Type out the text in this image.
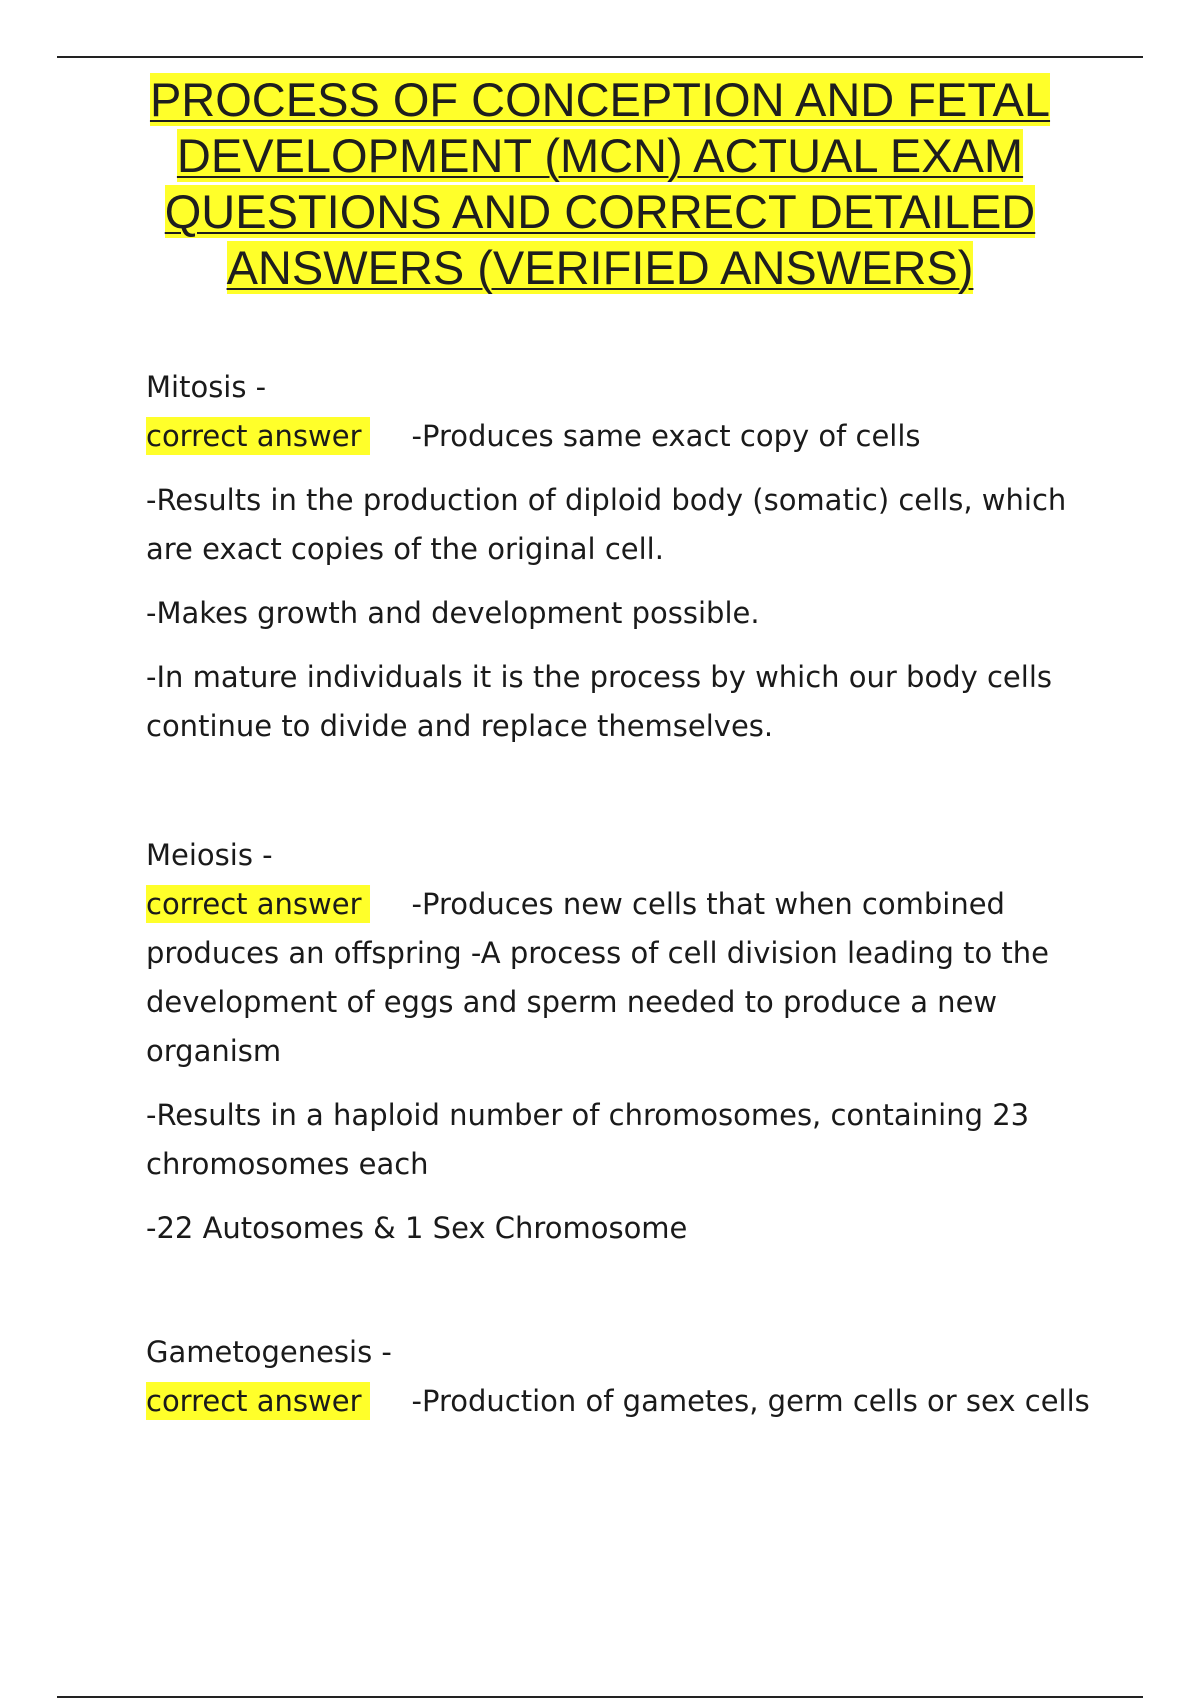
PROCESS OF CONCEPTION AND FETAL DEVELOPMENT (MCN) ACTUAL EXAM QUESTIONS AND CORRECT DETAILED ANSWERS (VERIFIED ANSWERS)

Mitosis -

correct answer -Produces same exact copy of cells

-Results in the production of diploid body (somatic) cells, which are exact copies of the original cell.

-Makes growth and development possible.

-In mature individuals it is the process by which our body cells continue to divide and replace themselves.

Meiosis -

correct answer -Produces new cells that when combined

produces an offspring -A process of cell division leading to the development of eggs and sperm needed to produce a new organism

-Results in a haploid number of chromosomes, containing 23 chromosomes each

-22 Autosomes & 1 Sex Chromosome

Gametogenesis -

correct answer -Production of gametes, germ cells or sex cells
